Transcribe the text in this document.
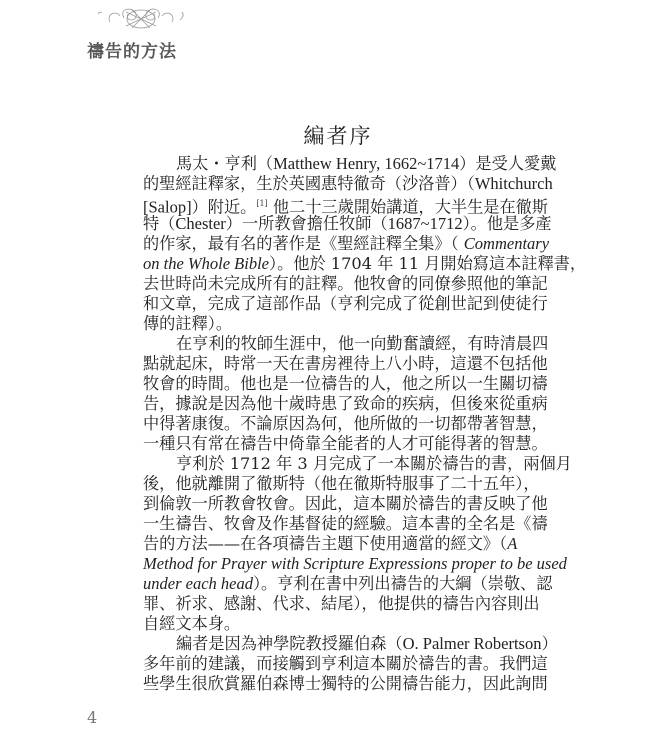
禱告的方法
編者序
馬太・亨利（Matthew Henry, 1662~1714）是受人愛戴
的聖經註釋家，生於英國惠特徹奇（沙洛普）（Whitchurch
[Salop]）附近。[1] 他二十三歲開始講道，大半生是在徹斯
特（Chester）一所教會擔任牧師（1687~1712）。他是多產
的作家，最有名的著作是《聖經註釋全集》（ Commentary
on the Whole Bible）。他於 1704 年 11 月開始寫這本註釋書，
去世時尚未完成所有的註釋。他牧會的同僚參照他的筆記
和文章，完成了這部作品（亨利完成了從創世記到使徒行
傳的註釋）。
在亨利的牧師生涯中，他一向勤奮讀經，有時清晨四
點就起床，時常一天在書房裡待上八小時，這還不包括他
牧會的時間。他也是一位禱告的人，他之所以一生關切禱
告，據說是因為他十歲時患了致命的疾病，但後來從重病
中得著康復。不論原因為何，他所做的一切都帶著智慧，
一種只有常在禱告中倚靠全能者的人才可能得著的智慧。
亨利於 1712 年 3 月完成了一本關於禱告的書，兩個月
後，他就離開了徹斯特（他在徹斯特服事了二十五年），
到倫敦一所教會牧會。因此，這本關於禱告的書反映了他
一生禱告、牧會及作基督徒的經驗。這本書的全名是《禱
告的方法——在各項禱告主題下使用適當的經文》（A
Method for Prayer with Scripture Expressions proper to be used
under each head）。亨利在書中列出禱告的大綱（崇敬、認
罪、祈求、感謝、代求、結尾），他提供的禱告內容則出
自經文本身。
編者是因為神學院教授羅伯森（O. Palmer Robertson）
多年前的建議，而接觸到亨利這本關於禱告的書。我們這
些學生很欣賞羅伯森博士獨特的公開禱告能力，因此詢問
4
